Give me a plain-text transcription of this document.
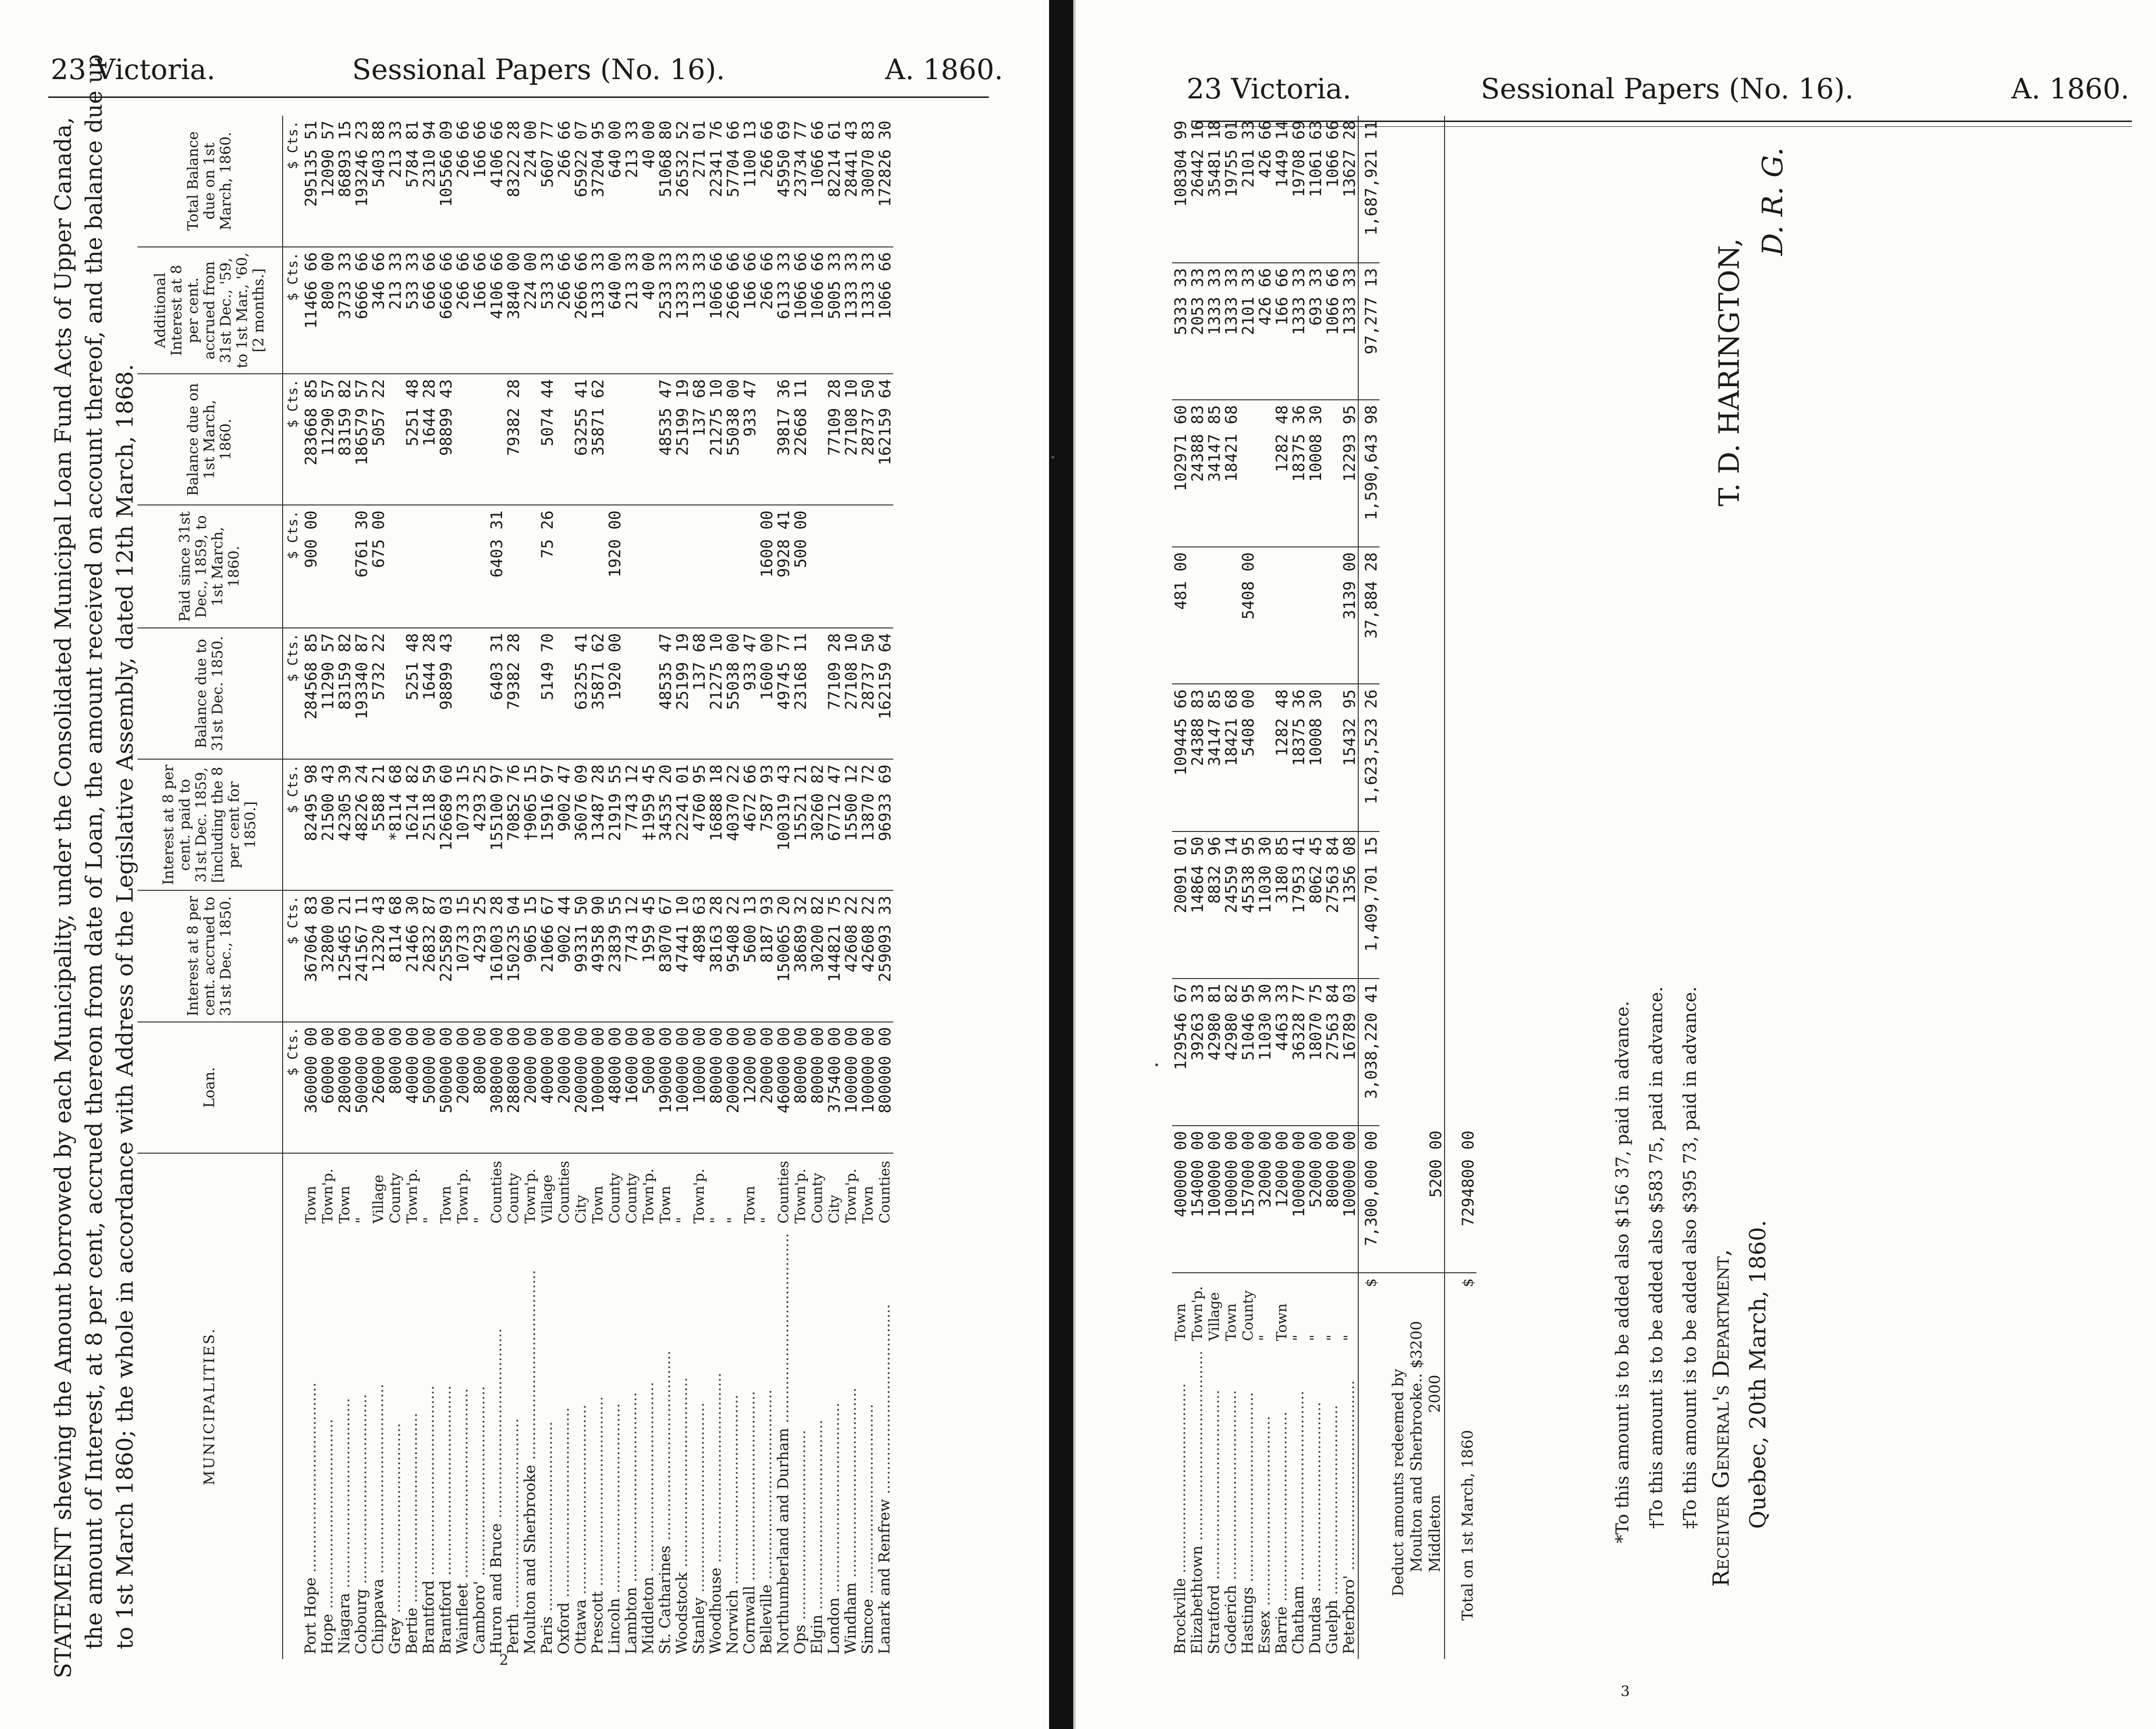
23 Victoria.	Sessional Papers (No. 16).	A. 1860.
STATEMENT shewing the Amount borrowed by each Municipality, under the Consolidated Municipal Loan Fund Acts of Upper Canada, the amount of Interest, at 8 per cent, accrued thereon from date of Loan, the amount received on account thereof, and the balance due up to 1st March 1860; the whole in accordance with Address of the Legislative Assembly, dated 12th March, 1868.	MUNICIPALITIES.		Loan.	Interest at 8 per cent. accrued to 31st Dec., 1850.	Interest at 8 per cent. paid to 31st Dec. 1859, [including the 8 per cent for 1850.]	Balance due to 31st Dec. 1850.	Paid since 31st Dec., 1859, to 1st March, 1860.	Balance due on 1st March, 1860.	Additional Interest at 8 per cent. accrued from 31st Dec., '59, to 1st Mar., '60, [2 months.]	Total Balance due on 1st March, 1860.
		$ Cts.	$ Cts.	$ Cts.	$ Cts.	$ Cts.	$ Cts.	$ Cts.	$ Cts.
Port Hope ........................................	Town	360000 00	367064 83	82495 98	284568 85	900 00	283668 85	11466 66	295135 51
Hope ........................................	Town'p.	60000 00	32800 00	21500 43	11290 57		11290 57	800 00	12090 57
Niagara ........................................	Town	280000 00	125465 21	42305 39	83159 82		83159 82	3733 33	86893 15
Cobourg ........................................	"	500000 00	241567 11	48226 24	193340 87	6761 30	186579 57	6666 66	193246 23
Chippawa ........................................	Village	26000 00	12320 43	5588 21	5732 22	675 00	5057 22	346 66	5403 88
Grey ........................................	County	8000 00	8114 68	*8114 68				213 33	213 33
Bertie ........................................	Town'p.	40000 00	21466 30	16214 82	5251 48		5251 48	533 33	5784 81
Brantford ........................................	"	50000 00	26832 87	25118 59	1644 28		1644 28	666 66	2310 94
Brantford ........................................	Town	500000 00	225589 03	126689 60	98899 43		98899 43	6666 66	105566 09
Wainfleet ........................................	Town'p.	20000 00	10733 15	10733 15				266 66	266 66
Camboro' ........................................	"	8000 00	4293 25	4293 25				166 66	166 66
Huron and Bruce ........................................	Counties	308000 00	161003 28	155100 97	6403 31	6403 31		4106 66	4106 66
Perth ........................................	County	288000 00	150235 04	70852 76	79382 28		79382 28	3840 00	83222 28
Moulton and Sherbrooke ........................................	Town'p.	20000 00	9065 15	†9065 15				224 00	224 00
Paris ........................................	Village	40000 00	21066 67	15916 97	5149 70	75 26	5074 44	533 33	5607 77
Oxford ........................................	Counties	20000 00	9002 44	9002 47				266 66	266 66
Ottawa ........................................	City	200000 00	99331 50	36076 09	63255 41		63255 41	2666 66	65922 07
Prescott ........................................	Town	100000 00	49358 90	13487 28	35871 62		35871 62	1333 33	37204 95
Lincoln ........................................	County	48000 00	23839 55	21919 55	1920 00	1920 00		640 00	640 00
Lambton ........................................	County	16000 00	7743 12	7743 12				213 33	213 33
Middleton ........................................	Town'p.	5000 00	1959 45	‡1959 45				40 00	40 00
St. Catharines ........................................	Town	190000 00	83070 67	34535 20	48535 47		48535 47	2533 33	51068 80
Woodstock ........................................	"	100000 00	47441 10	22241 01	25199 19		25199 19	1333 33	26532 52
Stanley ........................................	Town'p.	10000 00	4898 63	4760 95	137 68		137 68	133 33	271 01
Woodhouse ........................................	"	80000 00	38163 28	16888 18	21275 10		21275 10	1066 66	22341 76
Norwich ........................................	"	200000 00	95408 22	40370 22	55038 00		55038 00	2666 66	57704 66
Cornwall ........................................	Town	12000 00	5600 13	4672 66	933 47		933 47	166 66	1100 13
Belleville ........................................	"	20000 00	8187 93	7587 93	1600 00	1600 00		266 66	266 66
Northumberland and Durham ........................................	Counties	460000 00	150065 20	100319 43	49745 77	9928 41	39817 36	6133 33	45950 69
Ops ........................................	Town'p.	80000 00	38689 32	15521 21	23168 11	500 00	22668 11	1066 66	23734 77
Elgin ........................................	County	80000 00	30200 82	30260 82				1066 66	1066 66
London ........................................	City	375400 00	144821 75	67712 47	77109 28		77109 28	5005 33	82214 61
Windham ........................................	Town'p.	100000 00	42608 22	15500 12	27108 10		27108 10	1333 33	28441 43
Simcoe ........................................	Town	100000 00	42608 22	13870 72	28737 50		28737 50	1333 33	30070 83
Lanark and Renfrew ........................................	Counties	800000 00	259093 33	96933 69	162159 64		162159 64	1066 66	172826 30
2
23 Victoria.	Sessional Papers (No. 16).	A. 1860.
Brockville ........................................	Town	400000 00	129546 67	20091 01	109445 66	481 00	102971 60	5333 33	108304 99
Elizabethtown ........................................	Town'p.	154000 00	39263 33	14864 50	24388 83		24388 83	2053 33	26442 16
Stratford ........................................	Village	100000 00	42980 81	8832 96	34147 85		34147 85	1333 33	35481 18
Goderich ........................................	Town	100000 00	42980 82	24559 14	18421 68		18421 68	1333 33	19755 01
Hastings ........................................	County	157000 00	51046 95	45538 95	5408 00	5408 00		2101 33	2101 33
Essex ........................................	"	32000 00	11030 30	11030 30				426 66	426 66
Barrie ........................................	Town	12000 00	4463 33	3180 85	1282 48		1282 48	166 66	1449 14
Chatham ........................................	"	100000 00	36328 77	17953 41	18375 36		18375 36	1333 33	19708 69
Dundas ........................................	"	52000 00	18070 75	8062 45	10008 30		10008 30	693 33	11061 63
Guelph ........................................	"	80000 00	27563 84	27563 84				1066 66	1066 66
Peterboro' ........................................	"	100000 00	16789 03	1356 08	15432 95	3139 00	12293 95	1333 33	13627 28
	$	7,300,000 00	3,038,220 41	1,409,701 15	1,623,523 26	37,884 28	1,590,643 98	97,277 13	1,687,921 11

Deduct amounts redeemed by Moulton and Sherbrooke.. $3200
Middleton 2000		5200 00							
Total on 1st March, 1860	$	7294800 00								*To this amount is to be added also $156 37, paid in advance. †To this amount is to be added also $583 75, paid in advance. ‡To this amount is to be added also $395 73, paid in advance. Receiver General's Department, Quebec, 20th March, 1860.
T. D. HARINGTON,
D. R. G.
3
